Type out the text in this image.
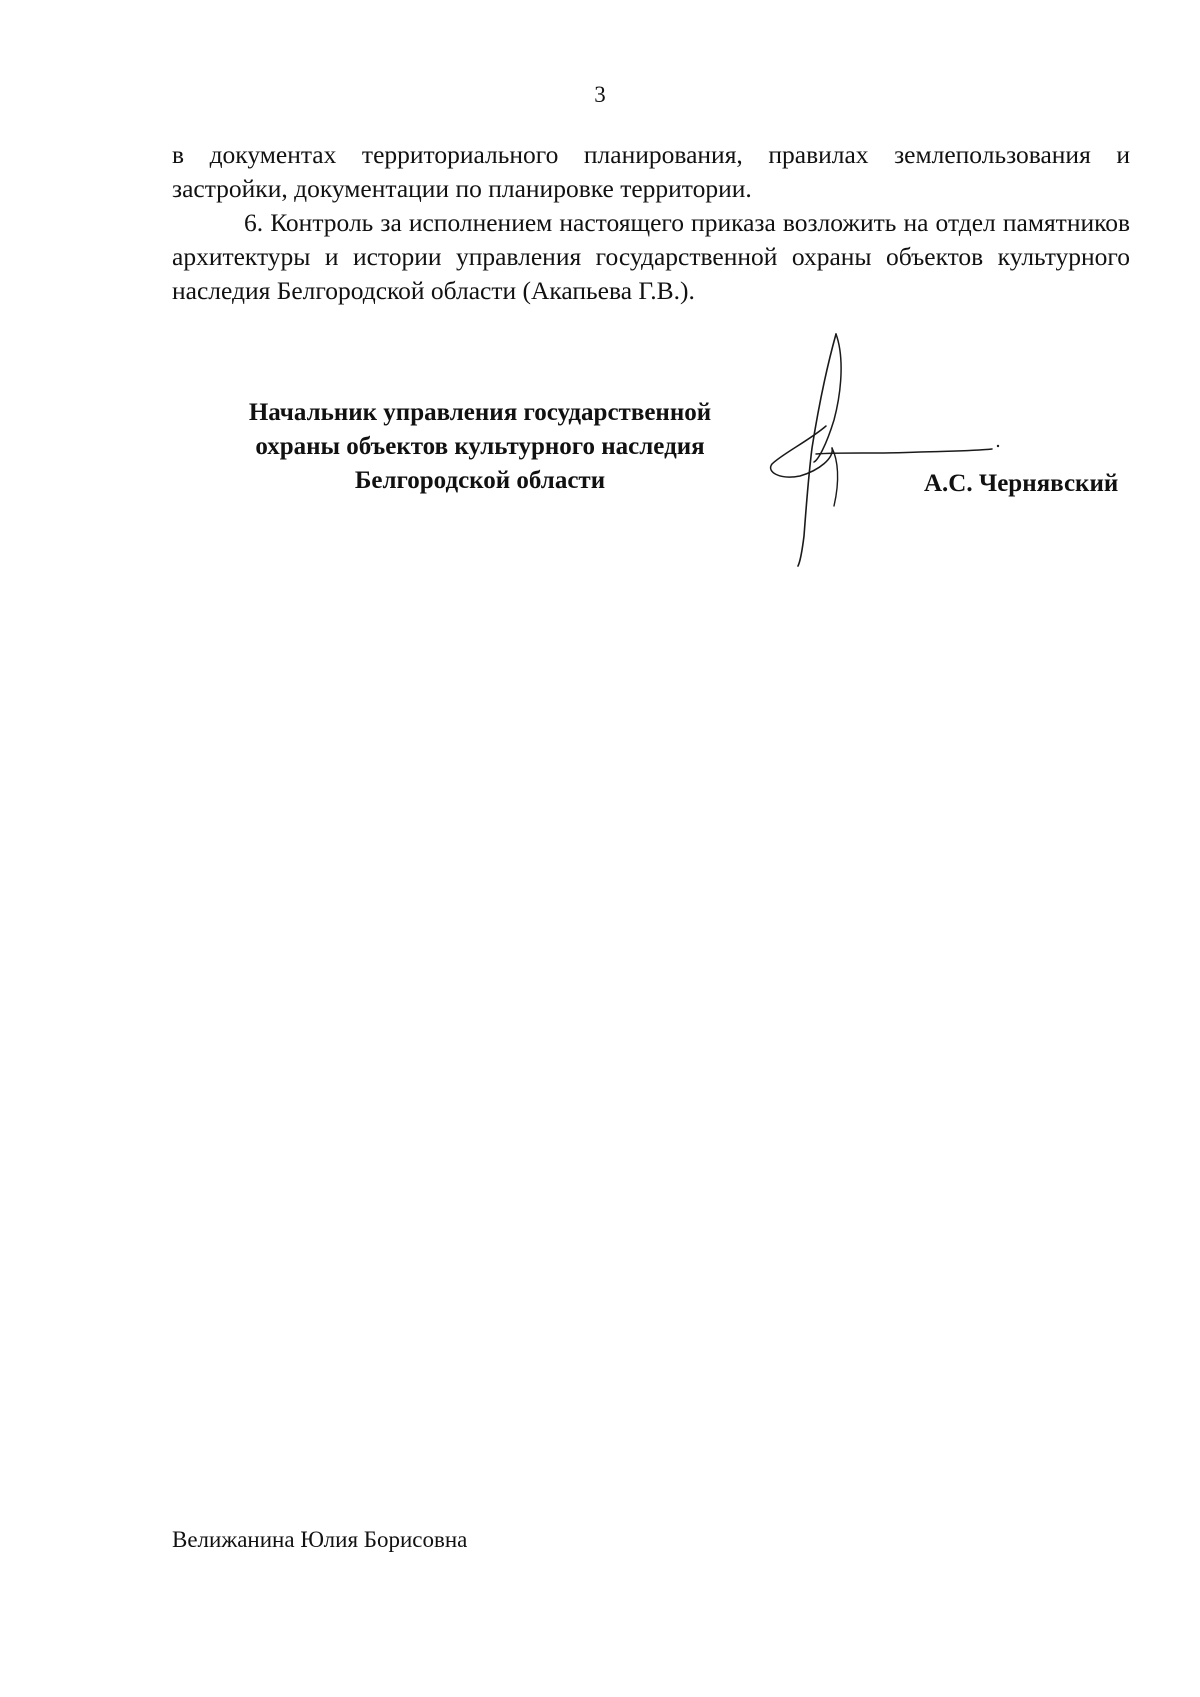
3

в документах территориального планирования, правилах землепользования и застройки, документации по планировке территории.

6. Контроль за исполнением настоящего приказа возложить на отдел памятников архитектуры и истории управления государственной охраны объектов культурного наследия Белгородской области (Акапьева Г.В.).

Начальник управления государственной
охраны объектов культурного наследия
Белгородской области	А.С. Чернявский
Велижанина Юлия Борисовна
